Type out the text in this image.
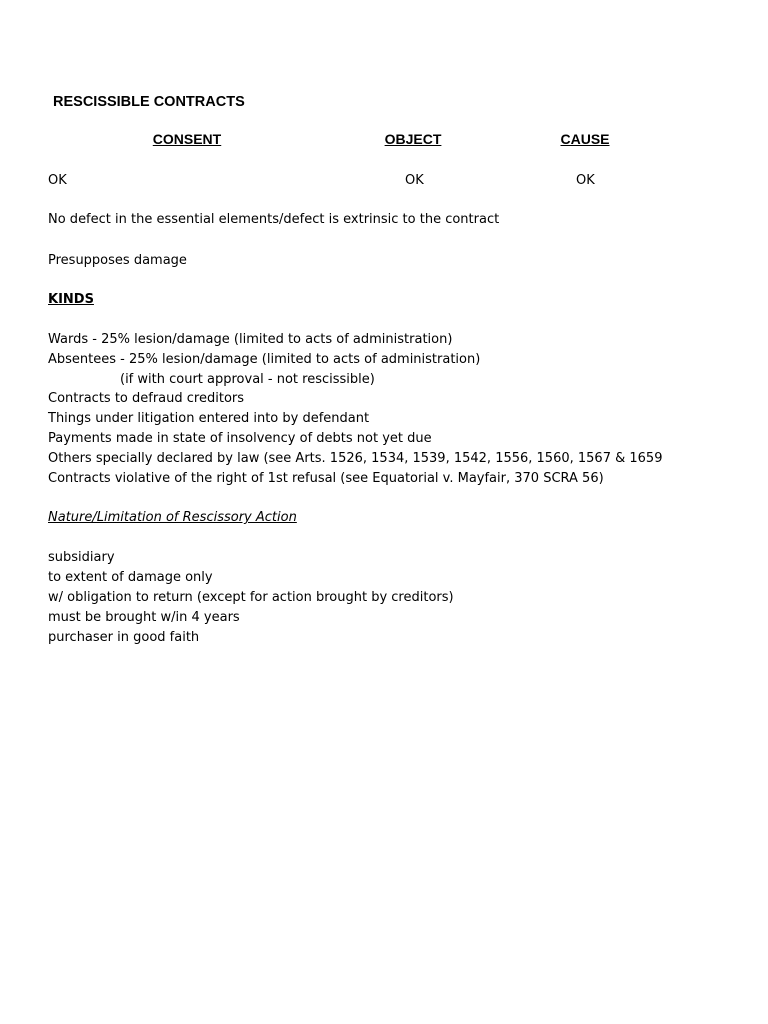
RESCISSIBLE CONTRACTS
CONSENT	OBJECT	CAUSE
OK	OK	OK
No defect in the essential elements/defect is extrinsic to the contract
Presupposes damage
KINDS
Wards - 25% lesion/damage (limited to acts of administration)
Absentees - 25% lesion/damage (limited to acts of administration)
(if with court approval - not rescissible)
Contracts to defraud creditors
Things under litigation entered into by defendant
Payments made in state of insolvency of debts not yet due
Others specially declared by law (see Arts. 1526, 1534, 1539, 1542, 1556, 1560, 1567 & 1659
Contracts violative of the right of 1st refusal (see Equatorial v. Mayfair, 370 SCRA 56)
Nature/Limitation of Rescissory Action
subsidiary
to extent of damage only
w/ obligation to return (except for action brought by creditors)
must be brought w/in 4 years
purchaser in good faith
